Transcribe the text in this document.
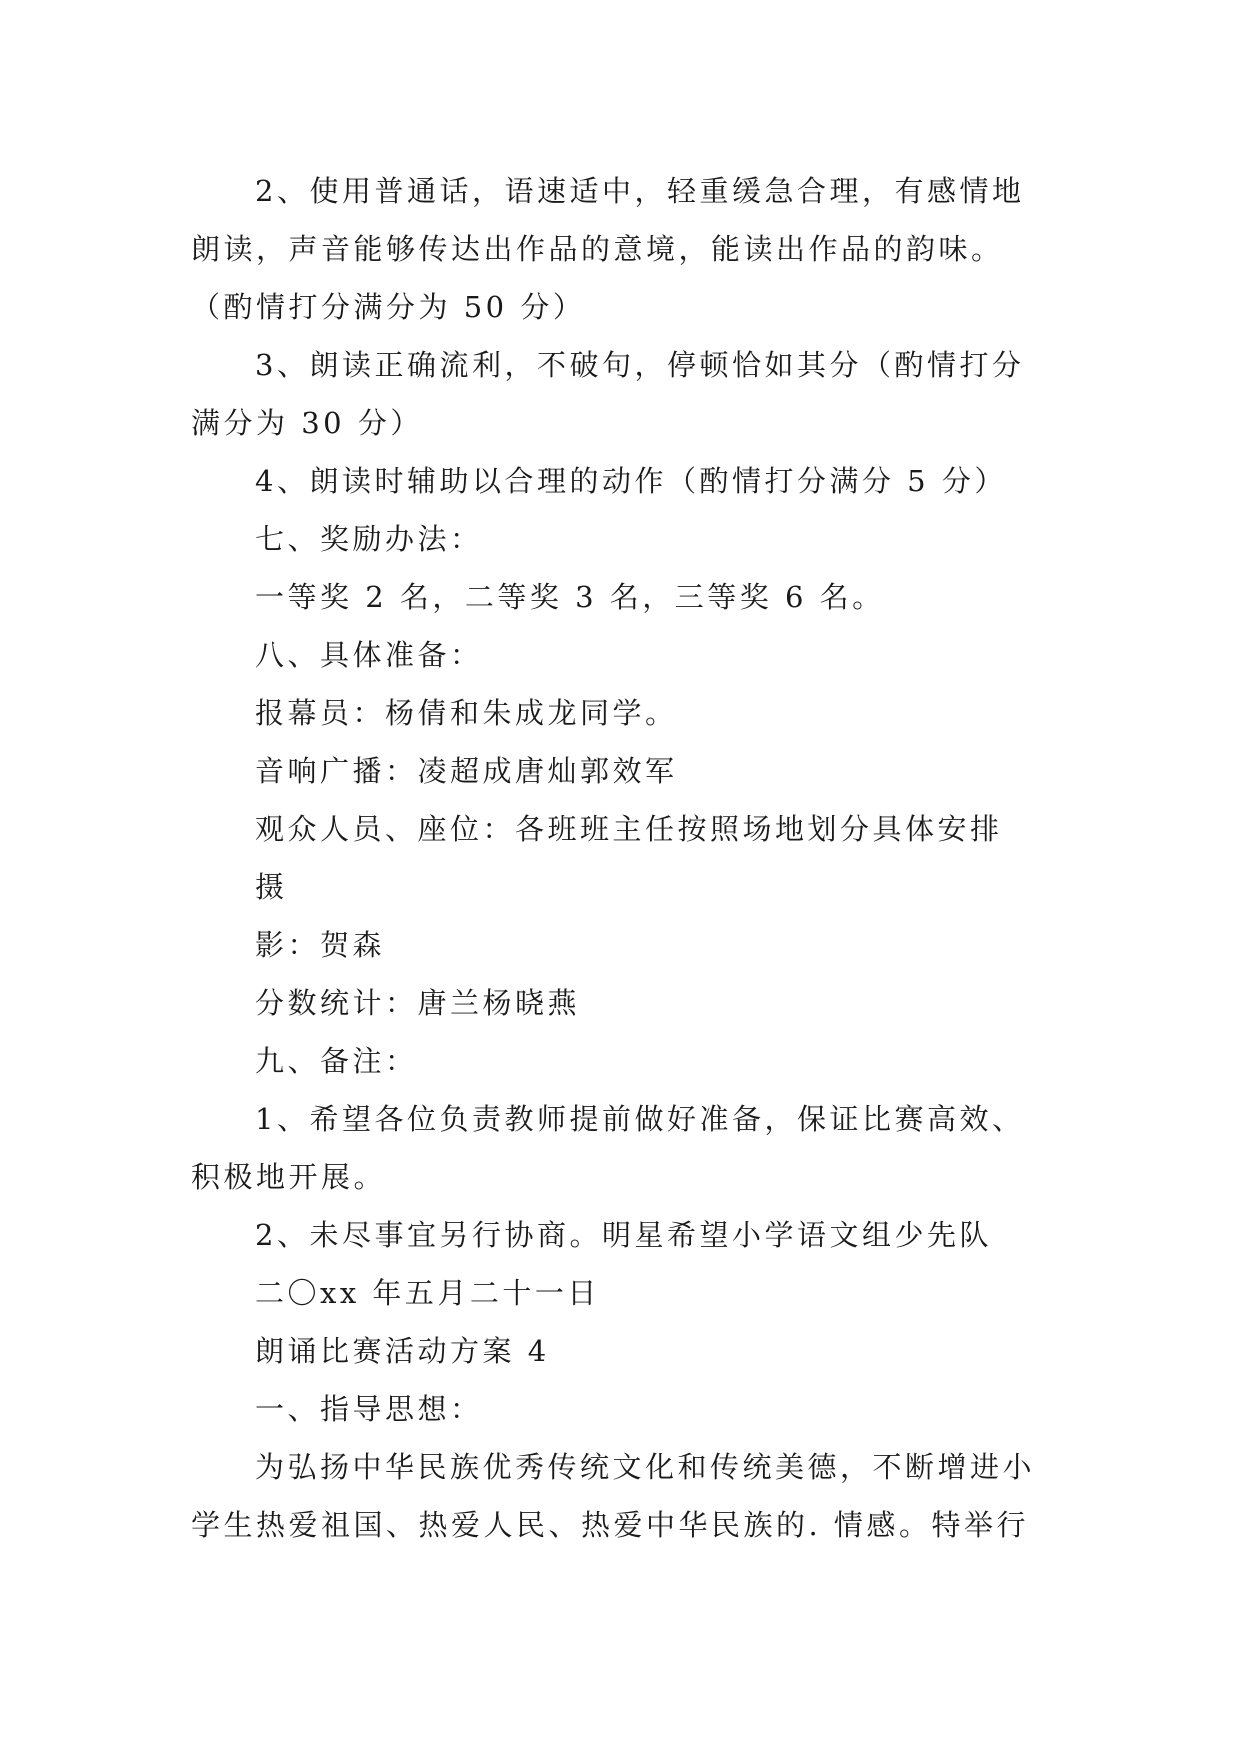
2、使用普通话，语速适中，轻重缓急合理，有感情地朗读，声音能够传达出作品的意境，能读出作品的韵味。（酌情打分满分为 50 分）

3、朗读正确流利，不破句，停顿恰如其分（酌情打分满分为 30 分）

4、朗读时辅助以合理的动作（酌情打分满分 5 分）

七、奖励办法：

一等奖 2 名，二等奖 3 名，三等奖 6 名。

八、具体准备：

报幕员：杨倩和朱成龙同学。

音响广播：凌超成唐灿郭效军

观众人员、座位：各班班主任按照场地划分具体安排

摄

影：贺森

分数统计：唐兰杨晓燕

九、备注：

1、希望各位负责教师提前做好准备，保证比赛高效、积极地开展。

2、未尽事宜另行协商。明星希望小学语文组少先队

二〇xx 年五月二十一日

朗诵比赛活动方案 4

一、指导思想：

为弘扬中华民族优秀传统文化和传统美德，不断增进小学生热爱祖国、热爱人民、热爱中华民族的. 情感。特举行
